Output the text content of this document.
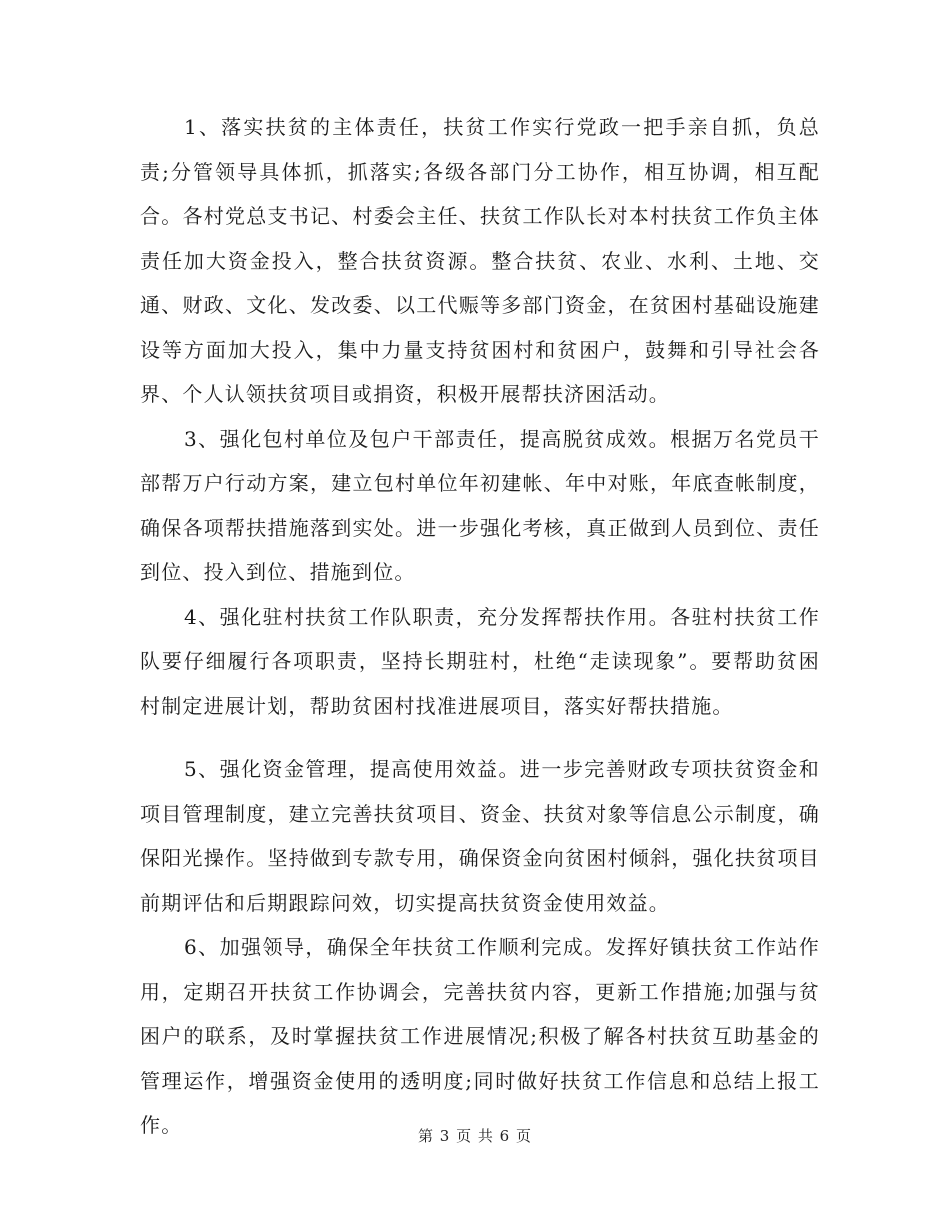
1、落实扶贫的主体责任，扶贫工作实行党政一把手亲自抓，负总责;分管领导具体抓，抓落实;各级各部门分工协作，相互协调，相互配合。各村党总支书记、村委会主任、扶贫工作队长对本村扶贫工作负主体责任加大资金投入，整合扶贫资源。整合扶贫、农业、水利、土地、交通、财政、文化、发改委、以工代赈等多部门资金，在贫困村基础设施建设等方面加大投入，集中力量支持贫困村和贫困户，鼓舞和引导社会各界、个人认领扶贫项目或捐资，积极开展帮扶济困活动。

3、强化包村单位及包户干部责任，提高脱贫成效。根据万名党员干部帮万户行动方案，建立包村单位年初建帐、年中对账，年底查帐制度，确保各项帮扶措施落到实处。进一步强化考核，真正做到人员到位、责任到位、投入到位、措施到位。

4、强化驻村扶贫工作队职责，充分发挥帮扶作用。各驻村扶贫工作队要仔细履行各项职责，坚持长期驻村，杜绝“走读现象”。要帮助贫困村制定进展计划，帮助贫困村找准进展项目，落实好帮扶措施。

5、强化资金管理，提高使用效益。进一步完善财政专项扶贫资金和项目管理制度，建立完善扶贫项目、资金、扶贫对象等信息公示制度，确保阳光操作。坚持做到专款专用，确保资金向贫困村倾斜，强化扶贫项目前期评估和后期跟踪问效，切实提高扶贫资金使用效益。

6、加强领导，确保全年扶贫工作顺利完成。发挥好镇扶贫工作站作用，定期召开扶贫工作协调会，完善扶贫内容，更新工作措施;加强与贫困户的联系，及时掌握扶贫工作进展情况;积极了解各村扶贫互助基金的管理运作，增强资金使用的透明度;同时做好扶贫工作信息和总结上报工作。	第 3 页 共 6 页
